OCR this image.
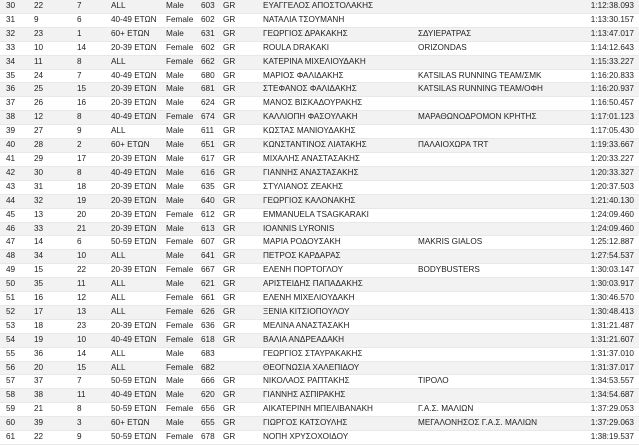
30	22	7	ALL	Male	603	GR	ΕΥΑΓΓΕΛΟΣ ΑΠΟΣΤΟΛΑΚΗΣ		1:12:38.093
31	9	6	40-49 ΕΤΩΝ	Female	602	GR	ΝΑΤΑΛΙΑ ΤΣΟΥΜΑΝΗ		1:13:30.157
32	23	1	60+ ΕΤΩΝ	Male	631	GR	ΓΕΩΡΓΙΟΣ ΔΡΑΚΑΚΗΣ	ΣΔΥΙΕΡΑΤΡΑΣ	1:13:47.017
33	10	14	20-39 ΕΤΩΝ	Female	602	GR	ROULA DRAKAKI	ORIZONDAS	1:14:12.643
34	11	8	ALL	Female	662	GR	ΚΑΤΕΡΙΝΑ ΜΙΧΕΛΙΟΥΔΑΚΗ		1:15:33.227
35	24	7	40-49 ΕΤΩΝ	Male	680	GR	ΜΑΡΙΟΣ ΦΑΛΙΔΑΚΗΣ	KATSILAS RUNNING TEAM/ΣΜΚ	1:16:20.833
36	25	15	20-39 ΕΤΩΝ	Male	681	GR	ΣΤΕΦΑΝΟΣ ΦΑΛΙΔΑΚΗΣ	KATSILAS RUNNING TEAM/ΟΦΗ	1:16:20.937
37	26	16	20-39 ΕΤΩΝ	Male	624	GR	ΜΑΝΟΣ ΒΙΣΚΑΔΟΥΡΑΚΗΣ		1:16:50.457
38	12	8	40-49 ΕΤΩΝ	Female	674	GR	ΚΑΛΛΙΟΠΗ ΦΑΣΟΥΛΑΚΗ	ΜΑΡΑΘΩΝΟΔΡΟΜΟΝ ΚΡΗΤΗΣ	1:17:01.123
39	27	9	ALL	Male	611	GR	ΚΩΣΤΑΣ ΜΑΝΙΟΥΔΑΚΗΣ		1:17:05.430
40	28	2	60+ ΕΤΩΝ	Male	651	GR	ΚΩΝΣΤΑΝΤΙΝΟΣ ΛΙΑΤΑΚΗΣ	ΠΑΛΑΙΟΧΩΡΑ TRT	1:19:33.667
41	29	17	20-39 ΕΤΩΝ	Male	617	GR	ΜΙΧΑΛΗΣ ΑΝΑΣΤΑΣΑΚΗΣ		1:20:33.227
42	30	8	40-49 ΕΤΩΝ	Male	616	GR	ΓΙΑΝΝΗΣ ΑΝΑΣΤΑΣΑΚΗΣ		1:20:33.327
43	31	18	20-39 ΕΤΩΝ	Male	635	GR	ΣΤΥΛΙΑΝΟΣ ΖΕΑΚΗΣ		1:20:37.503
44	32	19	20-39 ΕΤΩΝ	Male	640	GR	ΓΕΩΡΓΙΟΣ ΚΑΛΟΝΑΚΗΣ		1:21:40.130
45	13	20	20-39 ΕΤΩΝ	Female	612	GR	EMMANUELA TSAGKARAKI		1:24:09.460
46	33	21	20-39 ΕΤΩΝ	Male	613	GR	IOANNIS LYRONIS		1:24:09.460
47	14	6	50-59 ΕΤΩΝ	Female	607	GR	ΜΑΡΙΑ ΡΟΔΟΥΣΑΚΗ	MAKRIS GIALOS	1:25:12.887
48	34	10	ALL	Male	641	GR	ΠΕΤΡΟΣ ΚΑΡΔΑΡΑΣ		1:27:54.537
49	15	22	20-39 ΕΤΩΝ	Female	667	GR	ΕΛΕΝΗ ΠΟΡΤΟΓΛΟΥ	BODYBUSTERS	1:30:03.147
50	35	11	ALL	Male	621	GR	ΑΡΙΣΤΕΙΔΗΣ ΠΑΠΑΔΑΚΗΣ		1:30:03.917
51	16	12	ALL	Female	661	GR	ΕΛΕΝΗ ΜΙΧΕΛΙΟΥΔΑΚΗ		1:30:46.570
52	17	13	ALL	Female	626	GR	ΞΕΝΙΑ ΚΙΤΣΙΟΠΟΥΛΟΥ		1:30:48.413
53	18	23	20-39 ΕΤΩΝ	Female	636	GR	ΜΕΛΙΝΑ ΑΝΑΣΤΑΣΑΚΗ		1:31:21.487
54	19	10	40-49 ΕΤΩΝ	Female	618	GR	ΒΑΛΙΑ ΑΝΔΡΕΑΔΑΚΗ		1:31:21.607
55	36	14	ALL	Male	683		ΓΕΩΡΓΙΟΣ ΣΤΑΥΡΑΚΑΚΗΣ		1:31:37.010
56	20	15	ALL	Female	682		ΘΕΟΓΝΩΣΙΑ ΧΑΛΕΠΙΔΟΥ		1:31:37.017
57	37	7	50-59 ΕΤΩΝ	Male	666	GR	ΝΙΚΟΛΑΟΣ ΡΑΠΤΑΚΗΣ	ΤΙΡΟΛΟ	1:34:53.557
58	38	11	40-49 ΕΤΩΝ	Male	620	GR	ΓΙΑΝΝΗΣ ΑΣΠΙΡΑΚΗΣ		1:34:54.687
59	21	8	50-59 ΕΤΩΝ	Female	656	GR	ΑΙΚΑΤΕΡΙΝΗ ΜΠΕΛΙΒΑΝΑΚΗ	Γ.Α.Σ. ΜΑΛΙΩΝ	1:37:29.053
60	39	3	60+ ΕΤΩΝ	Male	655	GR	ΓΙΩΡΓΟΣ ΚΑΤΣΟΥΛΗΣ	ΜΕΓΑΛΟΝΗΣΟΣ Γ.Α.Σ. ΜΑΛΙΩΝ	1:37:29.063
61	22	9	50-59 ΕΤΩΝ	Female	678	GR	ΝΟΠΗ ΧΡΥΣΟΧΟΙΔΟΥ		1:38:19.537
